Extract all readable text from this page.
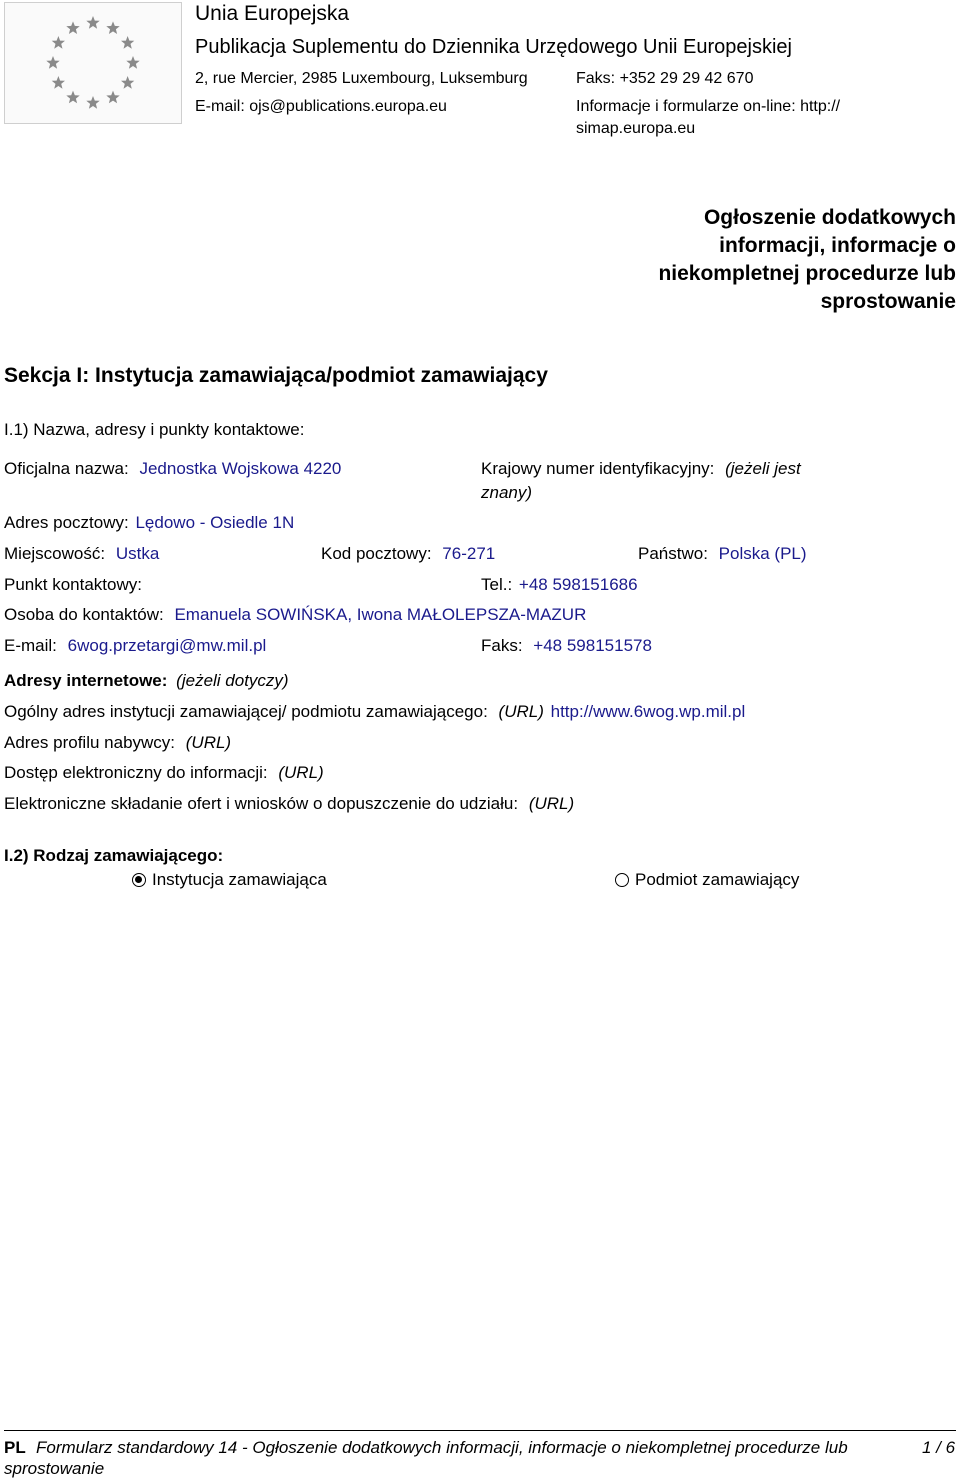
Unia Europejska
Publikacja Suplementu do Dziennika Urzędowego Unii Europejskiej
2, rue Mercier, 2985 Luxembourg, Luksemburg	Faks: +352 29 29 42 670
E-mail: ojs@publications.europa.eu	Informacje i formularze on-line: http://
simap.europa.eu
Ogłoszenie dodatkowych
informacji, informacje o
niekompletnej procedurze lub
sprostowanie
Sekcja I: Instytucja zamawiająca/podmiot zamawiający
I.1) Nazwa, adresy i punkty kontaktowe:
Oficjalna nazwa: Jednostka Wojskowa 4220	Krajowy numer identyfikacyjny: (jeżeli jest
znany)
Adres pocztowy: Lędowo - Osiedle 1N
Miejscowość: Ustka	Kod pocztowy: 76-271	Państwo: Polska (PL)
Punkt kontaktowy:	Tel.: +48 598151686
Osoba do kontaktów: Emanuela SOWIŃSKA, Iwona MAŁOLEPSZA-MAZUR
E-mail: 6wog.przetargi@mw.mil.pl	Faks: +48 598151578
Adresy internetowe: (jeżeli dotyczy)
Ogólny adres instytucji zamawiającej/ podmiotu zamawiającego: (URL) http://www.6wog.wp.mil.pl
Adres profilu nabywcy: (URL)
Dostęp elektroniczny do informacji: (URL)
Elektroniczne składanie ofert i wniosków o dopuszczenie do udziału: (URL)
I.2) Rodzaj zamawiającego:
Instytucja zamawiająca	Podmiot zamawiający
PL Formularz standardowy 14 - Ogłoszenie dodatkowych informacji, informacje o niekompletnej procedurze lub
sprostowanie
1 / 6
